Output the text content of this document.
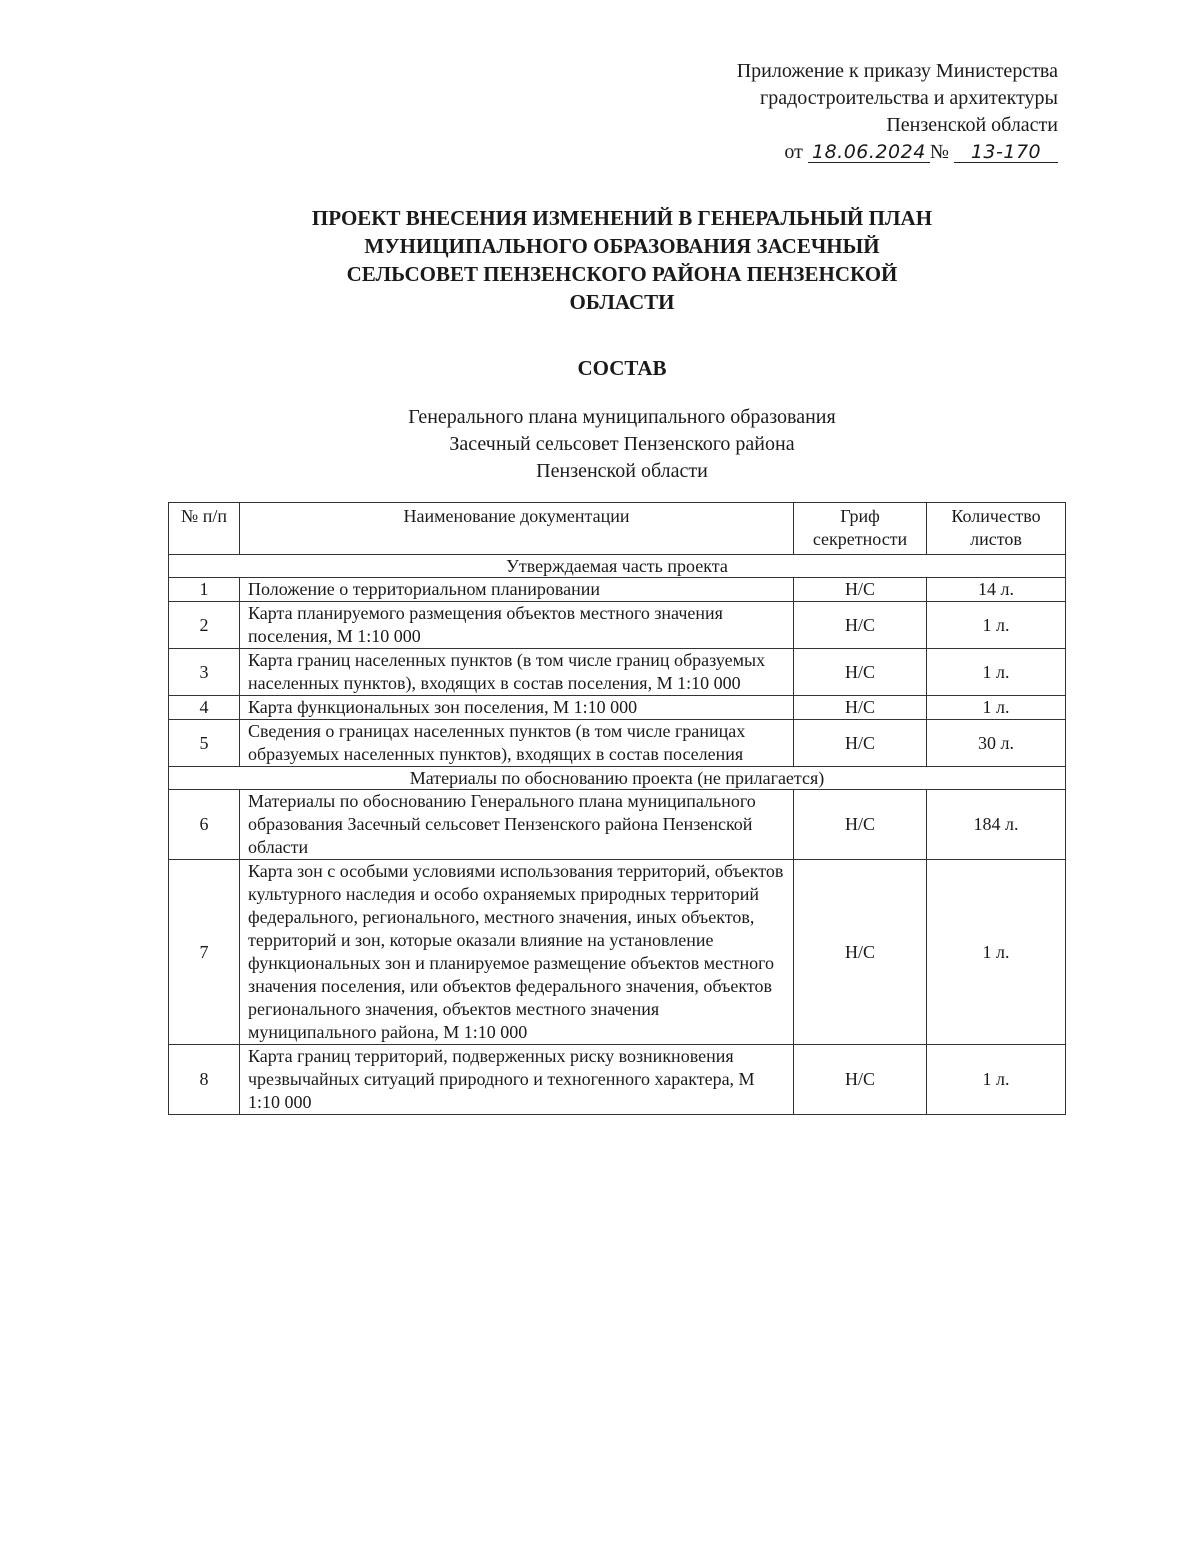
Приложение к приказу Министерства
градостроительства и архитектуры
Пензенской области
от 18.06.2024 № 13-170
ПРОЕКТ ВНЕСЕНИЯ ИЗМЕНЕНИЙ В ГЕНЕРАЛЬНЫЙ ПЛАН
МУНИЦИПАЛЬНОГО ОБРАЗОВАНИЯ ЗАСЕЧНЫЙ
СЕЛЬСОВЕТ ПЕНЗЕНСКОГО РАЙОНА ПЕНЗЕНСКОЙ
ОБЛАСТИ
СОСТАВ
Генерального плана муниципального образования
Засечный сельсовет Пензенского района
Пензенской области
№ п/п	Наименование документации	Гриф секретности	Количество листов
Утверждаемая часть проекта			
1	Положение о территориальном планировании	Н/С	14 л.
2	Карта планируемого размещения объектов местного значения поселения, М 1:10 000	Н/С	1 л.
3	Карта границ населенных пунктов (в том числе границ образуемых населенных пунктов), входящих в состав поселения, М 1:10 000	Н/С	1 л.
4	Карта функциональных зон поселения, М 1:10 000	Н/С	1 л.
5	Сведения о границах населенных пунктов (в том числе границах образуемых населенных пунктов), входящих в состав поселения	Н/С	30 л.
Материалы по обоснованию проекта (не прилагается)			
6	Материалы по обоснованию Генерального плана муниципального образования Засечный сельсовет Пензенского района Пензенской области	Н/С	184 л.
7	Карта зон с особыми условиями использования территорий, объектов культурного наследия и особо охраняемых природных территорий федерального, регионального, местного значения, иных объектов, территорий и зон, которые оказали влияние на установление функциональных зон и планируемое размещение объектов местного значения поселения, или объектов федерального значения, объектов регионального значения, объектов местного значения муниципального района, М 1:10 000	Н/С	1 л.
8	Карта границ территорий, подверженных риску возникновения чрезвычайных ситуаций природного и техногенного характера, М 1:10 000	Н/С	1 л.
